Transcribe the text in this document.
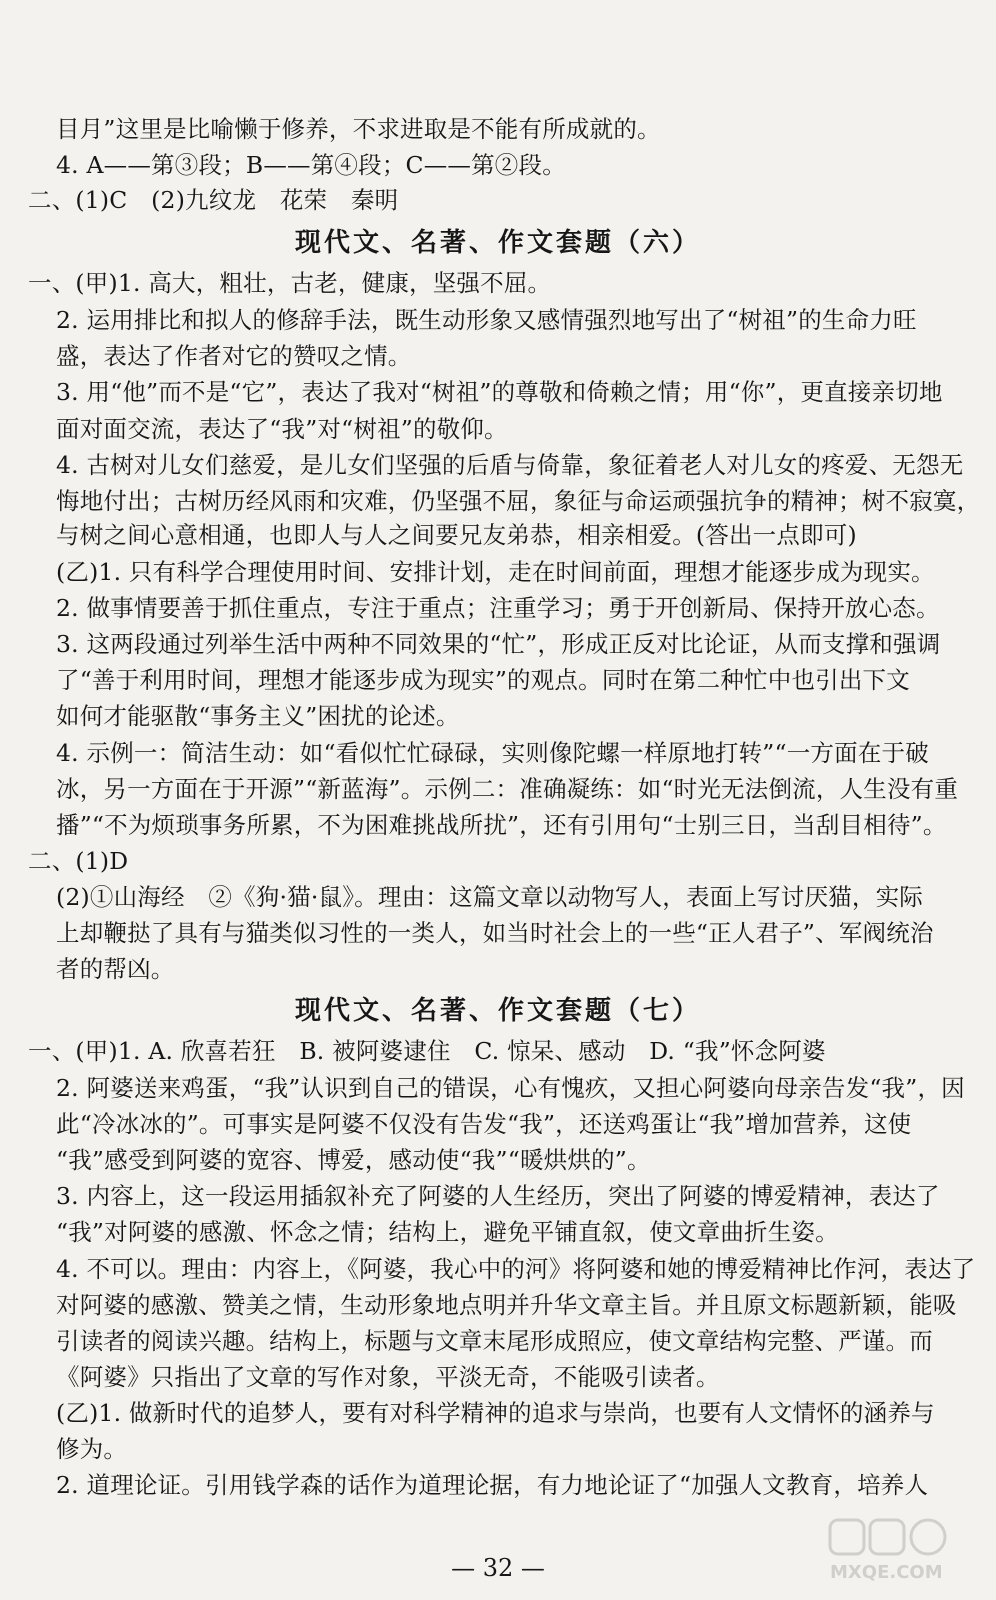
目月”这里是比喻懒于修养，不求进取是不能有所成就的。
4. A——第③段；B——第④段；C——第②段。
二、(1)C　(2)九纹龙　花荣　秦明
现代文、名著、作文套题（六）
一、(甲)1. 高大，粗壮，古老，健康，坚强不屈。
2. 运用排比和拟人的修辞手法，既生动形象又感情强烈地写出了“树祖”的生命力旺
盛，表达了作者对它的赞叹之情。
3. 用“他”而不是“它”，表达了我对“树祖”的尊敬和倚赖之情；用“你”，更直接亲切地
面对面交流，表达了“我”对“树祖”的敬仰。
4. 古树对儿女们慈爱，是儿女们坚强的后盾与倚靠，象征着老人对儿女的疼爱、无怨无
悔地付出；古树历经风雨和灾难，仍坚强不屈，象征与命运顽强抗争的精神；树不寂寞，
与树之间心意相通，也即人与人之间要兄友弟恭，相亲相爱。(答出一点即可)
(乙)1. 只有科学合理使用时间、安排计划，走在时间前面，理想才能逐步成为现实。
2. 做事情要善于抓住重点，专注于重点；注重学习；勇于开创新局、保持开放心态。
3. 这两段通过列举生活中两种不同效果的“忙”，形成正反对比论证，从而支撑和强调
了“善于利用时间，理想才能逐步成为现实”的观点。同时在第二种忙中也引出下文
如何才能驱散“事务主义”困扰的论述。
4. 示例一：简洁生动：如“看似忙忙碌碌，实则像陀螺一样原地打转”“一方面在于破
冰，另一方面在于开源”“新蓝海”。示例二：准确凝练：如“时光无法倒流，人生没有重
播”“不为烦琐事务所累，不为困难挑战所扰”，还有引用句“士别三日，当刮目相待”。
二、(1)D
(2)①山海经　②《狗·猫·鼠》。理由：这篇文章以动物写人，表面上写讨厌猫，实际
上却鞭挞了具有与猫类似习性的一类人，如当时社会上的一些“正人君子”、军阀统治
者的帮凶。
现代文、名著、作文套题（七）
一、(甲)1. A. 欣喜若狂　B. 被阿婆逮住　C. 惊呆、感动　D. “我”怀念阿婆
2. 阿婆送来鸡蛋，“我”认识到自己的错误，心有愧疚，又担心阿婆向母亲告发“我”，因
此“冷冰冰的”。可事实是阿婆不仅没有告发“我”，还送鸡蛋让“我”增加营养，这使
“我”感受到阿婆的宽容、博爱，感动使“我”“暖烘烘的”。
3. 内容上，这一段运用插叙补充了阿婆的人生经历，突出了阿婆的博爱精神，表达了
“我”对阿婆的感激、怀念之情；结构上，避免平铺直叙，使文章曲折生姿。
4. 不可以。理由：内容上，《阿婆，我心中的河》将阿婆和她的博爱精神比作河，表达了
对阿婆的感激、赞美之情，生动形象地点明并升华文章主旨。并且原文标题新颖，能吸
引读者的阅读兴趣。结构上，标题与文章末尾形成照应，使文章结构完整、严谨。而
《阿婆》只指出了文章的写作对象，平淡无奇，不能吸引读者。
(乙)1. 做新时代的追梦人，要有对科学精神的追求与崇尚，也要有人文情怀的涵养与
修为。
2. 道理论证。引用钱学森的话作为道理论据，有力地论证了“加强人文教育，培养人
— 32 —	MXQE.COM
